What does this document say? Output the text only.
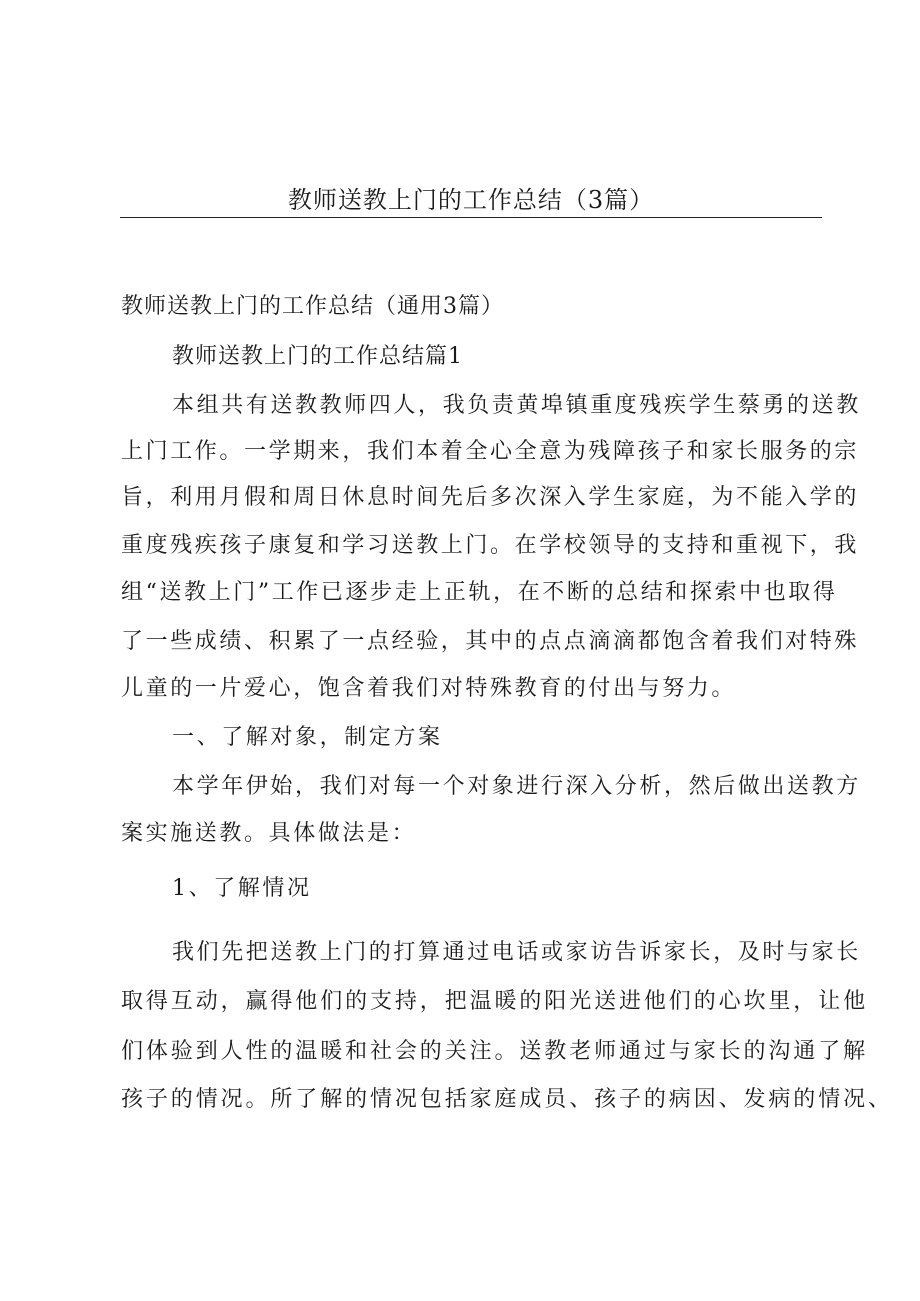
教师送教上门的工作总结（3篇）
教师送教上门的工作总结（通用3篇）
教师送教上门的工作总结篇1
本组共有送教教师四人，我负责黄埠镇重度残疾学生蔡勇的送教
上门工作。一学期来，我们本着全心全意为残障孩子和家长服务的宗
旨，利用月假和周日休息时间先后多次深入学生家庭，为不能入学的
重度残疾孩子康复和学习送教上门。在学校领导的支持和重视下，我
组“送教上门”工作已逐步走上正轨，在不断的总结和探索中也取得
了一些成绩、积累了一点经验，其中的点点滴滴都饱含着我们对特殊
儿童的一片爱心，饱含着我们对特殊教育的付出与努力。
一、了解对象，制定方案
本学年伊始，我们对每一个对象进行深入分析，然后做出送教方
案实施送教。具体做法是：
1、了解情况
我们先把送教上门的打算通过电话或家访告诉家长，及时与家长
取得互动，赢得他们的支持，把温暖的阳光送进他们的心坎里，让他
们体验到人性的温暖和社会的关注。送教老师通过与家长的沟通了解
孩子的情况。所了解的情况包括家庭成员、孩子的病因、发病的情况、
